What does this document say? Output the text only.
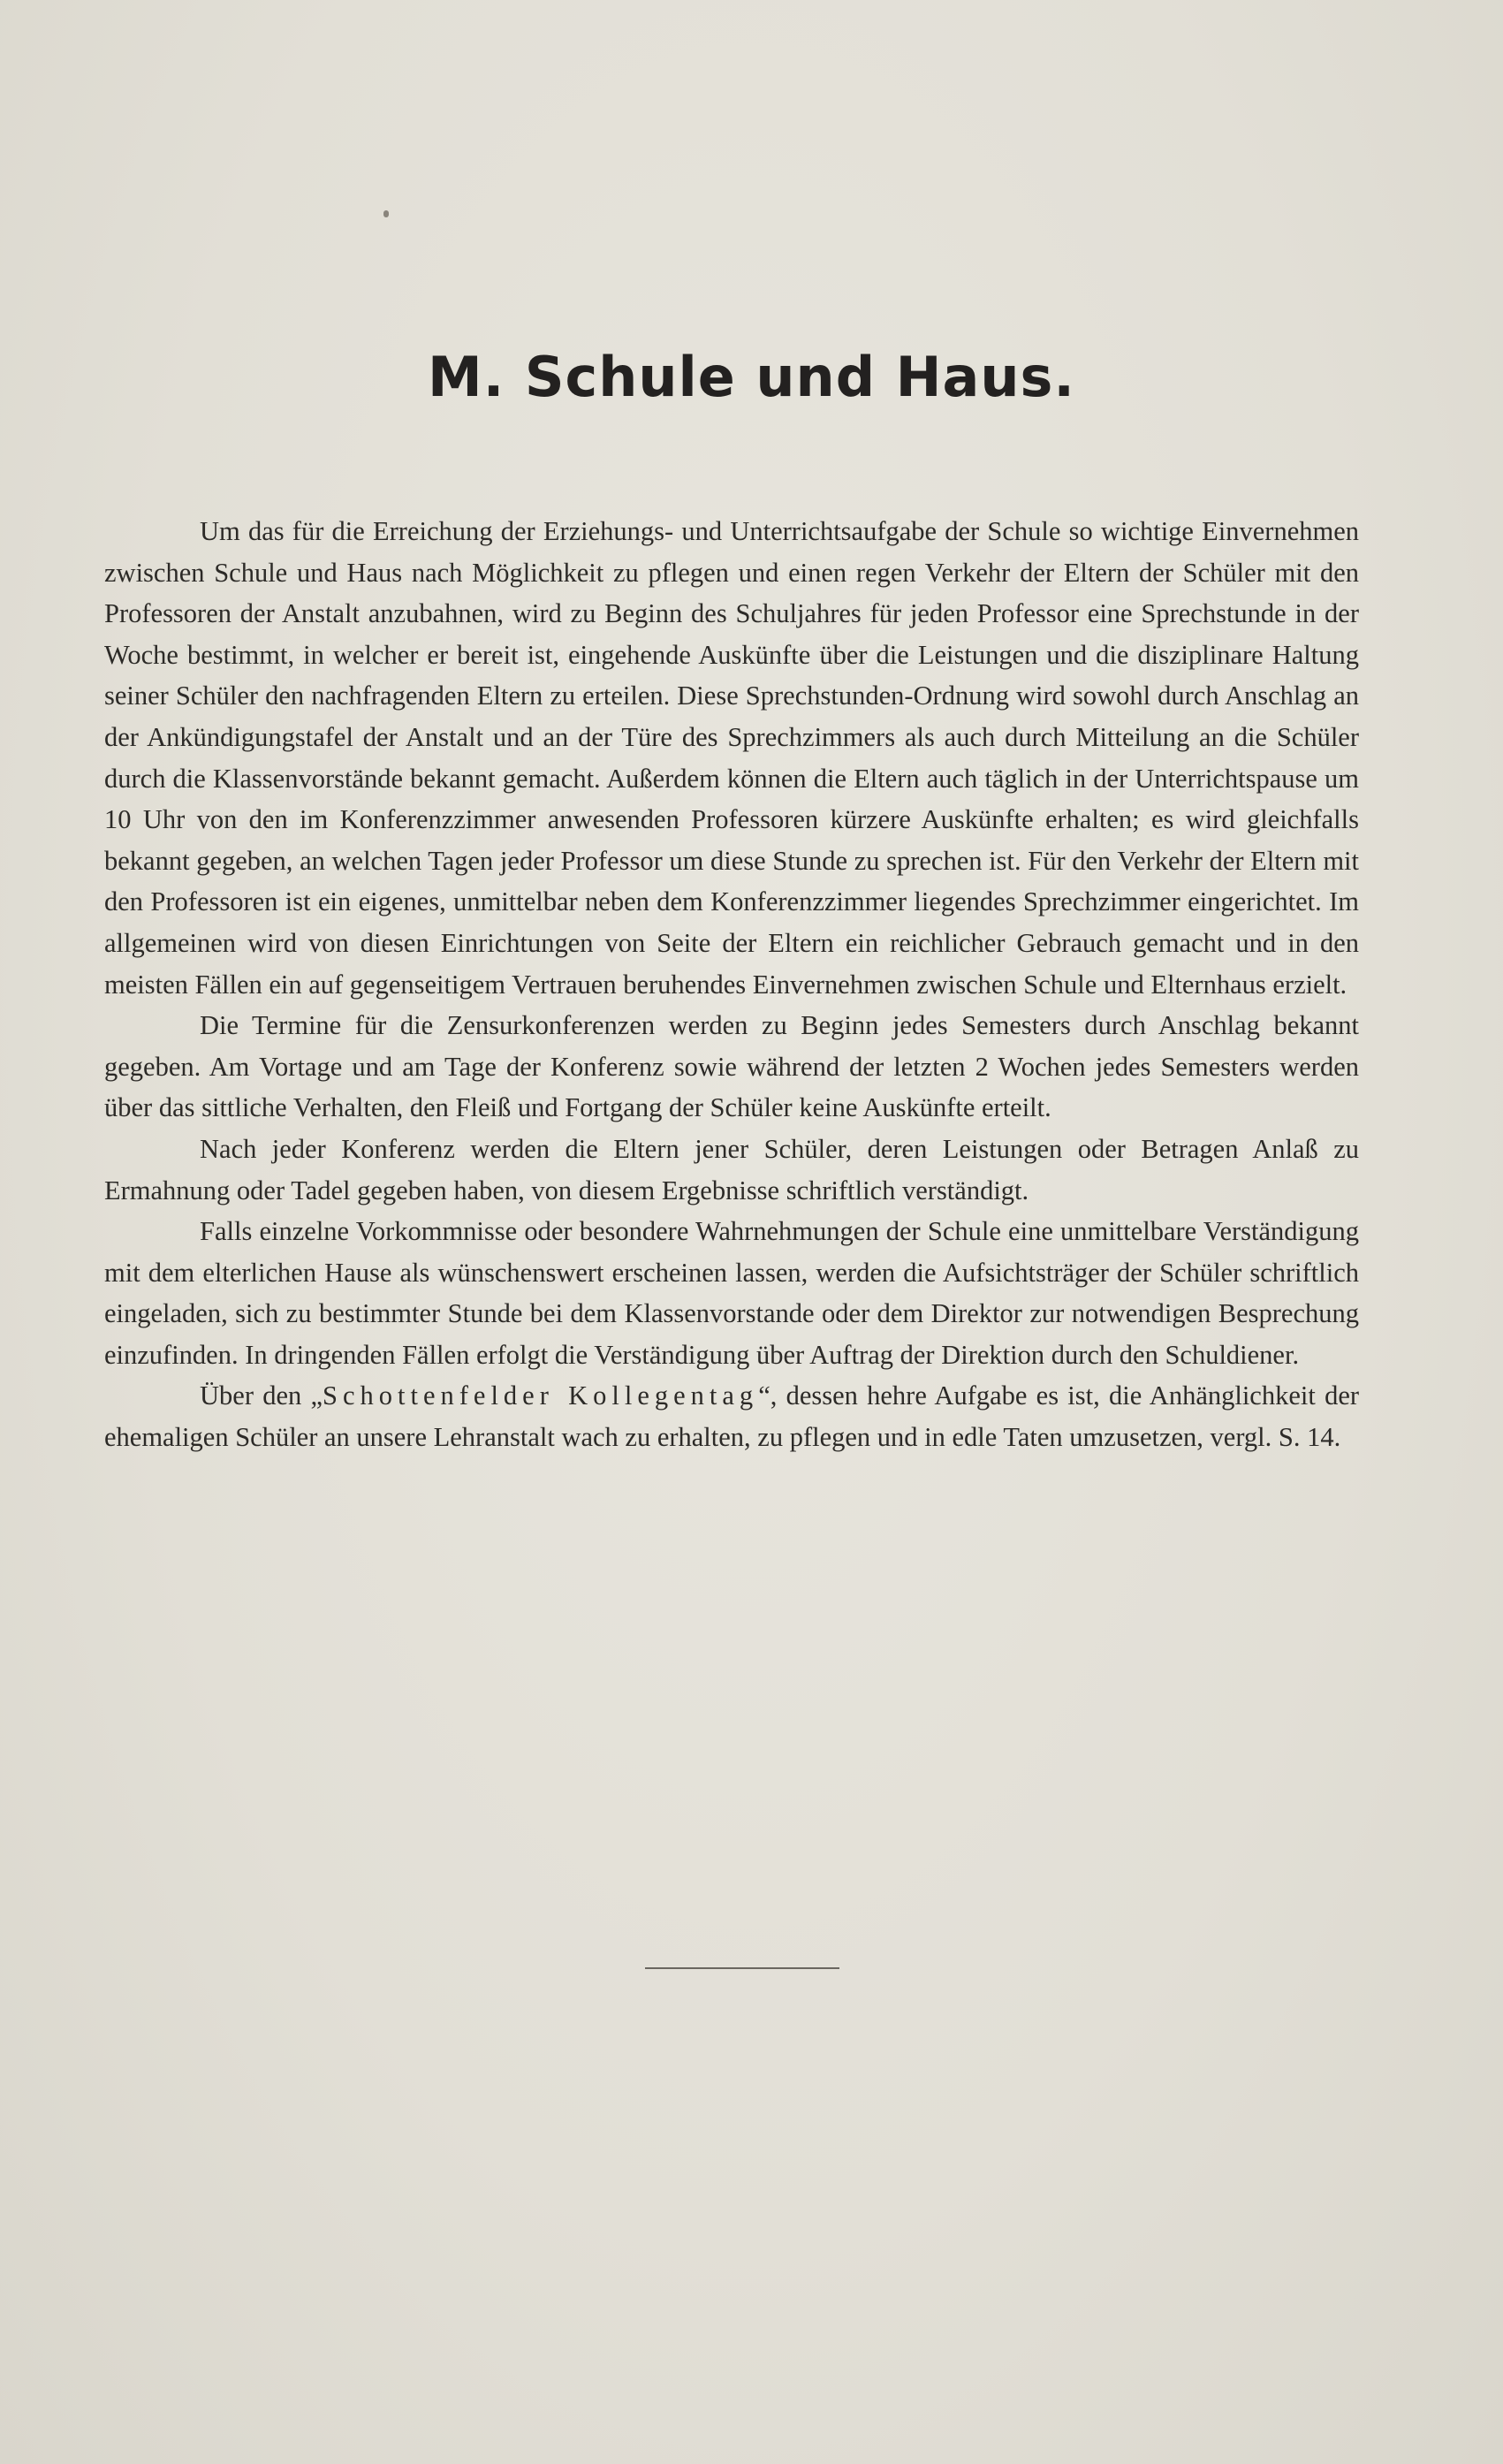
M. Schule und Haus.

Um das für die Erreichung der Erziehungs- und Unterrichtsaufgabe der Schule so wichtige Einvernehmen zwischen Schule und Haus nach Möglichkeit zu pflegen und einen regen Verkehr der Eltern der Schüler mit den Professoren der Anstalt anzubahnen, wird zu Beginn des Schuljahres für jeden Professor eine Sprechstunde in der Woche bestimmt, in welcher er bereit ist, eingehende Auskünfte über die Leistungen und die disziplinare Haltung seiner Schüler den nachfragenden Eltern zu erteilen. Diese Sprechstunden-Ordnung wird sowohl durch Anschlag an der Ankündigungstafel der Anstalt und an der Türe des Sprechzimmers als auch durch Mitteilung an die Schüler durch die Klassenvorstände bekannt gemacht. Außerdem können die Eltern auch täglich in der Unterrichtspause um 10 Uhr von den im Konferenzzimmer anwesenden Professoren kürzere Auskünfte erhalten; es wird gleichfalls bekannt gegeben, an welchen Tagen jeder Professor um diese Stunde zu sprechen ist. Für den Verkehr der Eltern mit den Professoren ist ein eigenes, unmittelbar neben dem Konferenzzimmer liegendes Sprechzimmer eingerichtet. Im allgemeinen wird von diesen Einrichtungen von Seite der Eltern ein reichlicher Gebrauch gemacht und in den meisten Fällen ein auf gegenseitigem Vertrauen beruhendes Einvernehmen zwischen Schule und Elternhaus erzielt.

Die Termine für die Zensurkonferenzen werden zu Beginn jedes Semesters durch Anschlag bekannt gegeben. Am Vortage und am Tage der Konferenz sowie während der letzten 2 Wochen jedes Semesters werden über das sittliche Verhalten, den Fleiß und Fortgang der Schüler keine Auskünfte erteilt.

Nach jeder Konferenz werden die Eltern jener Schüler, deren Leistungen oder Betragen Anlaß zu Ermahnung oder Tadel gegeben haben, von diesem Ergebnisse schriftlich verständigt.

Falls einzelne Vorkommnisse oder besondere Wahrnehmungen der Schule eine unmittelbare Verständigung mit dem elterlichen Hause als wünschenswert erscheinen lassen, werden die Aufsichtsträger der Schüler schriftlich eingeladen, sich zu bestimmter Stunde bei dem Klassenvorstande oder dem Direktor zur notwendigen Besprechung einzufinden. In dringenden Fällen erfolgt die Verständigung über Auftrag der Direktion durch den Schuldiener.

Über den „Schottenfelder Kollegentag“, dessen hehre Aufgabe es ist, die Anhänglichkeit der ehemaligen Schüler an unsere Lehranstalt wach zu erhalten, zu pflegen und in edle Taten umzusetzen, vergl. S. 14.
